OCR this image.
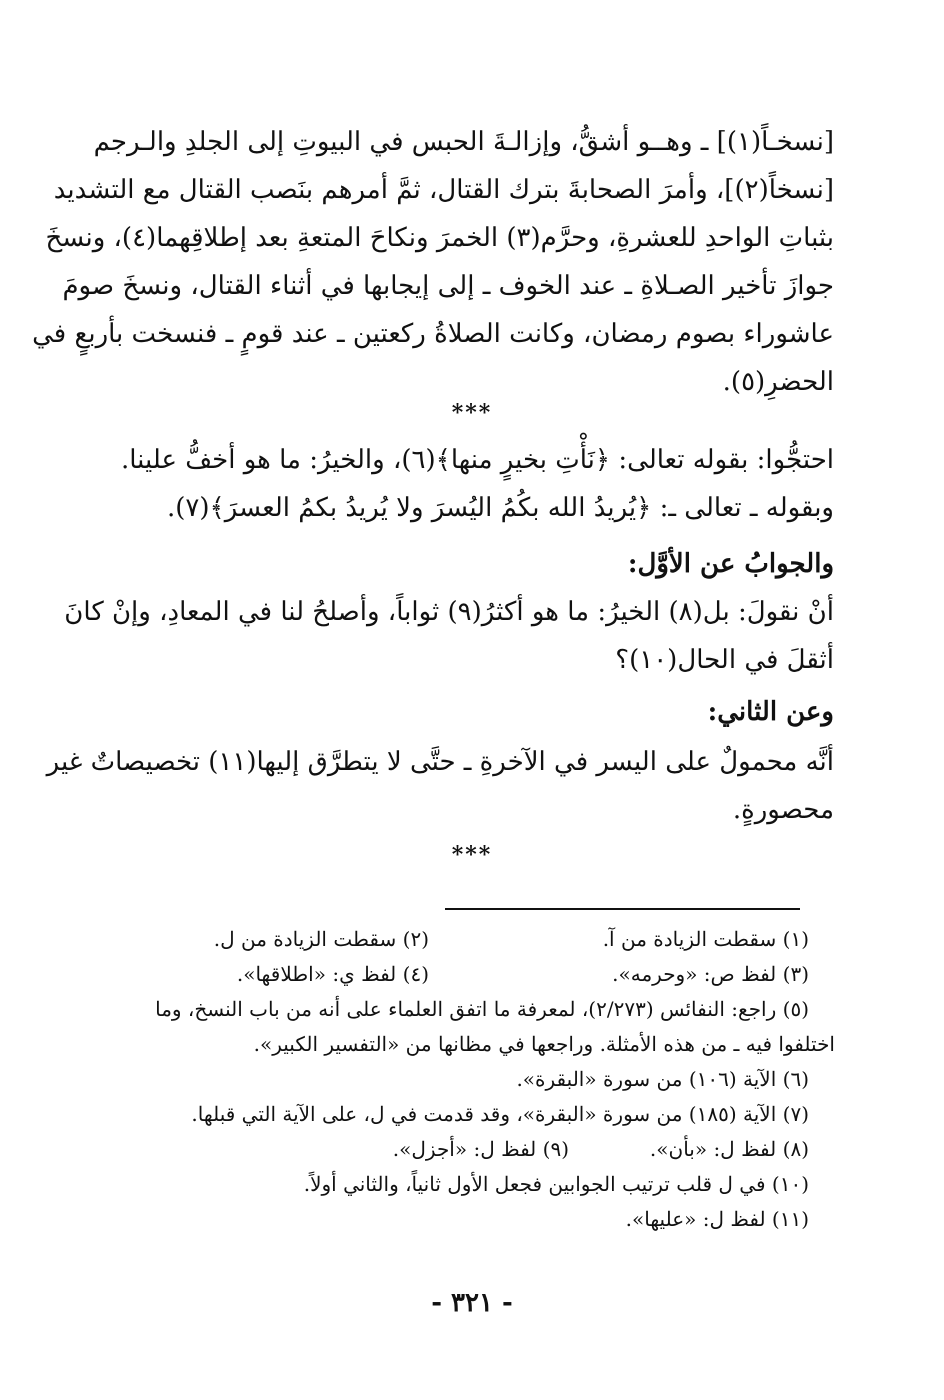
[نسخـاً(١)] ـ وهــو أشقُّ، وإزالـةَ الحبس في البيوتِ إلى الجلدِ والـرجم
[نسخاً(٢)]، وأمرَ الصحابةَ بترك القتال، ثمَّ أمرهم بنَصب القتال مع التشديد
بثباتِ الواحدِ للعشرةِ، وحرَّم(٣) الخمرَ ونكاحَ المتعةِ بعد إطلاقِهما(٤)، ونسخَ
جوازَ تأخير الصـلاةِ ـ عند الخوف ـ إلى إيجابها في أثناء القتال، ونسخَ صومَ
عاشوراء بصوم رمضان، وكانت الصلاةُ ركعتين ـ عند قومٍ ـ فنسخت بأربعٍ في
الحضرِ(٥).
***
احتجُّوا: بقوله تعالى: ﴿نَأْتِ بخيرٍ منها﴾(٦)، والخيرُ: ما هو أخفُّ علينا.
وبقوله ـ تعالى ـ: ﴿يُريدُ الله بكُمُ اليُسرَ ولا يُريدُ بكمُ العسرَ﴾(٧).
والجوابُ عن الأوَّل:
أنْ نقولَ: بل(٨) الخيرُ: ما هو أكثرُ(٩) ثواباً، وأصلحُ لنا في المعادِ، وإنْ كانَ
أثقلَ في الحال(١٠)؟
وعن الثاني:
أنَّه محمولٌ على اليسر في الآخرةِ ـ حتَّى لا يتطرَّق إليها(١١) تخصيصاتٌ غير
محصورةٍ.
***
(١) سقطت الزيادة من آ.(٢) سقطت الزيادة من ل.
(٣) لفظ ص: «وحرمه».(٤) لفظ ي: «اطلاقها».
(٥) راجع: النفائس (٢/٢٧٣)، لمعرفة ما اتفق العلماء على أنه من باب النسخ، وما
اختلفوا فيه ـ من هذه الأمثلة. وراجعها في مظانها من «التفسير الكبير».
(٦) الآية (١٠٦) من سورة «البقرة».
(٧) الآية (١٨٥) من سورة «البقرة»، وقد قدمت في ل، على الآية التي قبلها.
(٨) لفظ ل: «بأن».(٩) لفظ ل: «أجزل».
(١٠) في ل قلب ترتيب الجوابين فجعل الأول ثانياً، والثاني أولاً.
(١١) لفظ ل: «عليها».
- ٣٢١ -
